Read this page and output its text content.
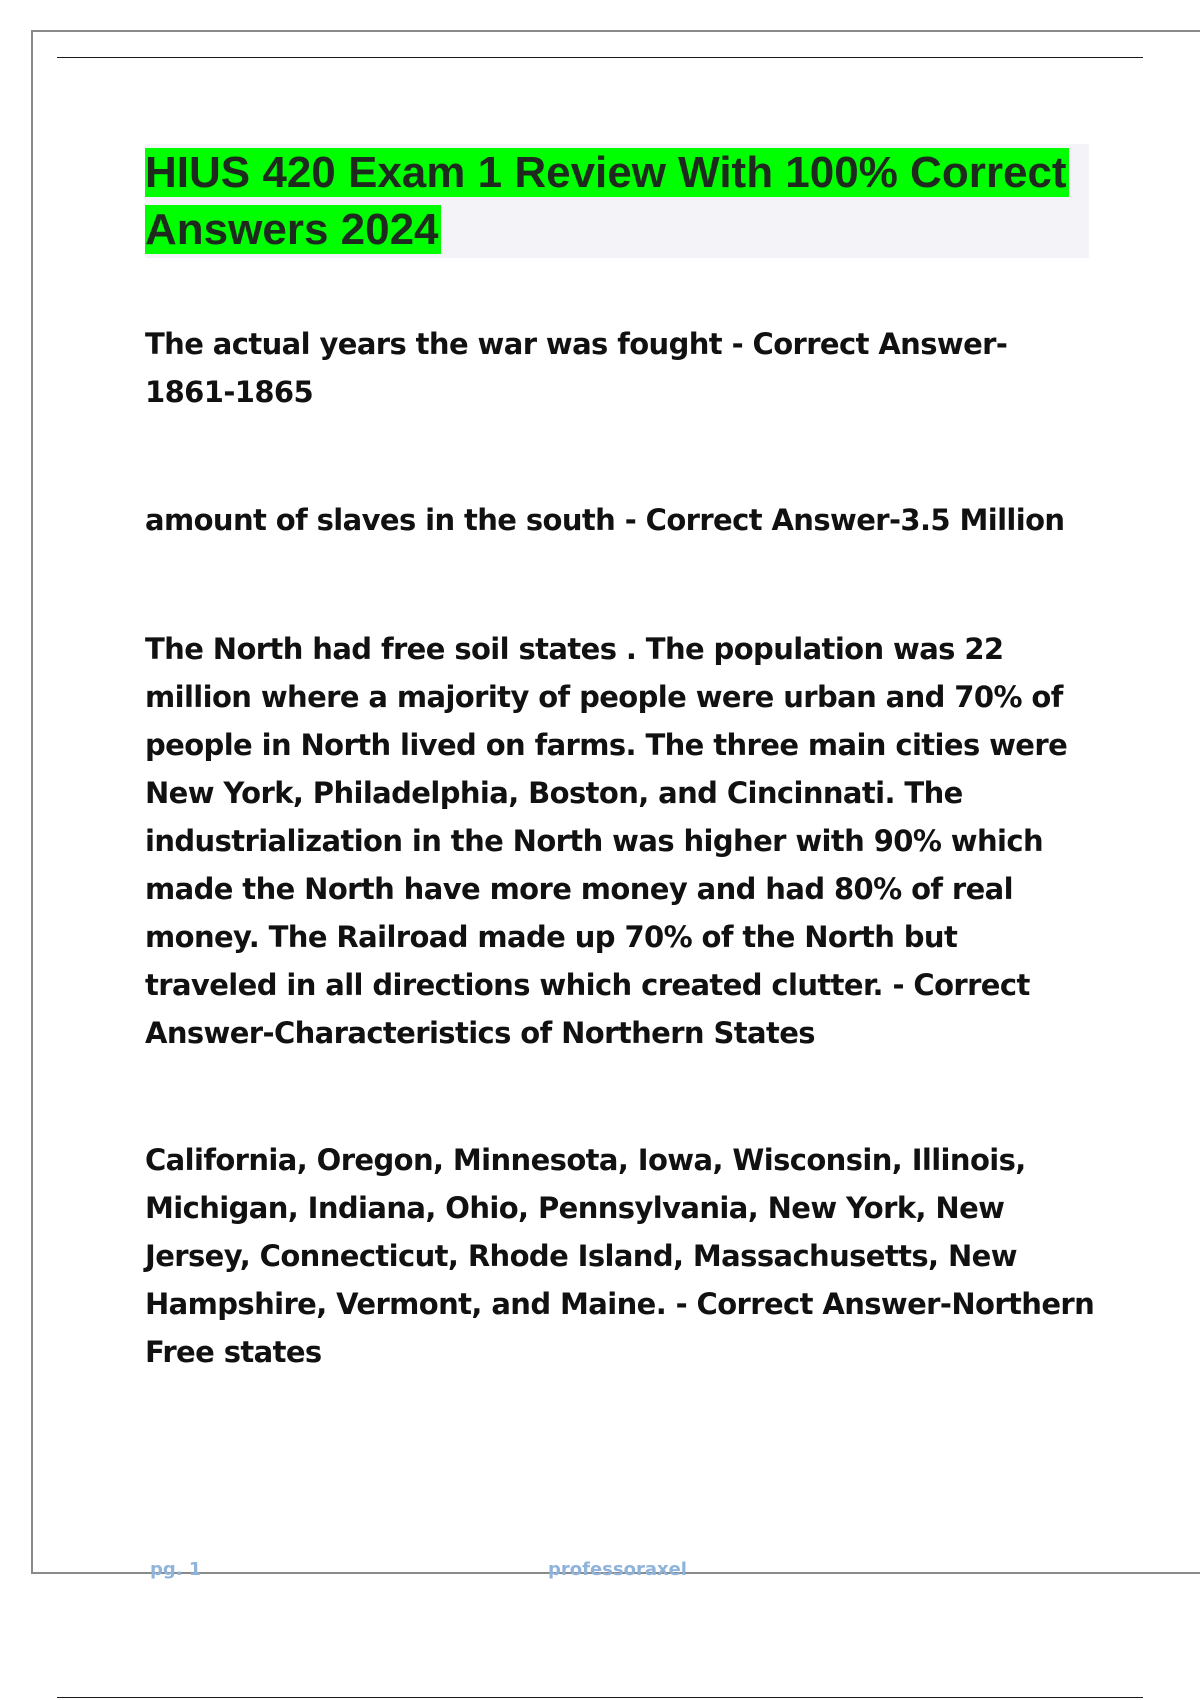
HIUS 420 Exam 1 Review With 100% Correct Answers 2024

The actual years the war was fought - Correct Answer-1861-1865

amount of slaves in the south - Correct Answer-3.5 Million

The North had free soil states . The population was 22 million where a majority of people were urban and 70% of people in North lived on farms. The three main cities were New York, Philadelphia, Boston, and Cincinnati. The industrialization in the North was higher with 90% which made the North have more money and had 80% of real money. The Railroad made up 70% of the North but traveled in all directions which created clutter. - Correct Answer-Characteristics of Northern States

California, Oregon, Minnesota, Iowa, Wisconsin, Illinois, Michigan, Indiana, Ohio, Pennsylvania, New York, New Jersey, Connecticut, Rhode Island, Massachusetts, New Hampshire, Vermont, and Maine. - Correct Answer-Northern Free states

pg. 1	professoraxel
